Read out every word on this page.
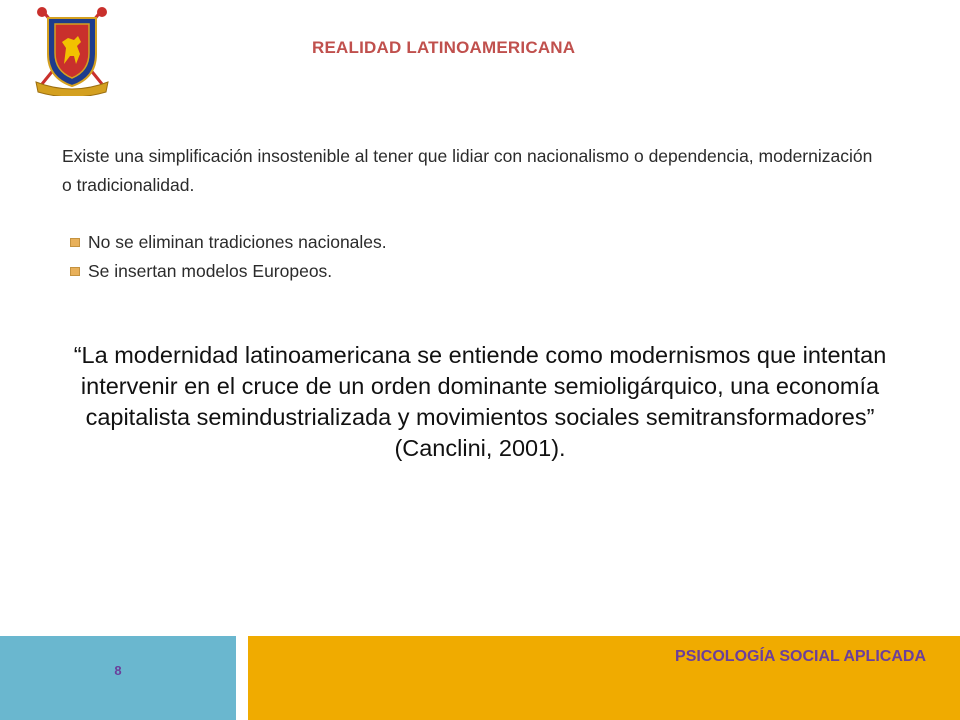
REALIDAD LATINOAMERICANA

Existe una simplificación insostenible al tener que lidiar con nacionalismo o dependencia, modernización o tradicionalidad.

No se eliminan tradiciones nacionales.
Se insertan modelos Europeos.

“La modernidad latinoamericana se entiende como modernismos que intentan intervenir en el cruce de un orden dominante semioligárquico, una economía capitalista semindustrializada y movimientos sociales semitransformadores” (Canclini, 2001).

8
PSICOLOGÍA SOCIAL APLICADA
